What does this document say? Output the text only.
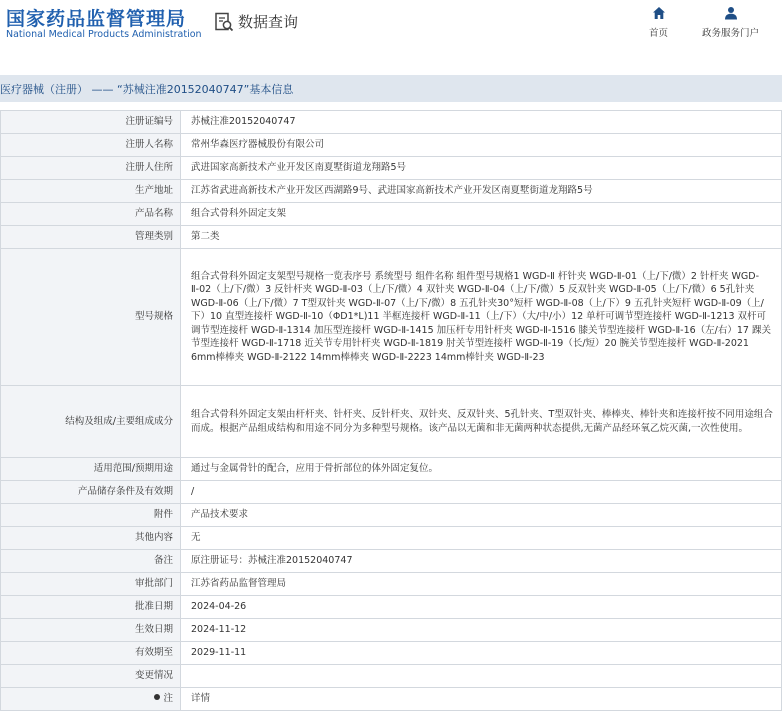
国家药品监督管理局
National Medical Products Administration
数据查询
首页	政务服务门户
医疗器械（注册） —— “苏械注准20152040747”基本信息
注册证编号	苏械注准20152040747
注册人名称	常州华森医疗器械股份有限公司
注册人住所	武进国家高新技术产业开发区南夏墅街道龙翔路5号
生产地址	江苏省武进高新技术产业开发区西湖路9号、武进国家高新技术产业开发区南夏墅街道龙翔路5号
产品名称	组合式骨科外固定支架
管理类别	第二类
型号规格	组合式骨科外固定支架型号规格一览表序号 系统型号 组件名称 组件型号规格1 WGD-Ⅱ 杆针夹 WGD-Ⅱ-01（上/下/微）2 针杆夹 WGD-Ⅱ-02（上/下/微）3 反针杆夹 WGD-Ⅱ-03（上/下/微）4 双针夹 WGD-Ⅱ-04（上/下/微）5 反双针夹 WGD-Ⅱ-05（上/下/微）6 5孔针夹 WGD-Ⅱ-06（上/下/微）7 T型双针夹 WGD-Ⅱ-07（上/下/微）8 五孔针夹30°短杆 WGD-Ⅱ-08（上/下）9 五孔针夹短杆 WGD-Ⅱ-09（上/下）10 直型连接杆 WGD-Ⅱ-10（ΦD1*L)11 半框连接杆 WGD-Ⅱ-11（上/下）（大/中/小）12 单杆可调节型连接杆 WGD-Ⅱ-1213 双杆可调节型连接杆 WGD-Ⅱ-1314 加压型连接杆 WGD-Ⅱ-1415 加压杆专用针杆夹 WGD-Ⅱ-1516 膝关节型连接杆 WGD-Ⅱ-16（左/右）17 踝关节型连接杆 WGD-Ⅱ-1718 近关节专用针杆夹 WGD-Ⅱ-1819 肘关节型连接杆 WGD-Ⅱ-19（长/短）20 腕关节型连接杆 WGD-Ⅱ-2021 6mm棒棒夹 WGD-Ⅱ-2122 14mm棒棒夹 WGD-Ⅱ-2223 14mm棒针夹 WGD-Ⅱ-23
结构及组成/主要组成成分	组合式骨科外固定支架由杆杆夹、针杆夹、反针杆夹、双针夹、反双针夹、5孔针夹、T型双针夹、棒棒夹、棒针夹和连接杆按不同用途组合而成。根据产品组成结构和用途不同分为多种型号规格。该产品以无菌和非无菌两种状态提供,无菌产品经环氧乙烷灭菌,一次性使用。
适用范围/预期用途	通过与金属骨针的配合，应用于骨折部位的体外固定复位。
产品储存条件及有效期	/
附件	产品技术要求
其他内容	无
备注	原注册证号：苏械注准20152040747
审批部门	江苏省药品监督管理局
批准日期	2024-04-26
生效日期	2024-11-12
有效期至	2029-11-11
变更情况	
注	详情
